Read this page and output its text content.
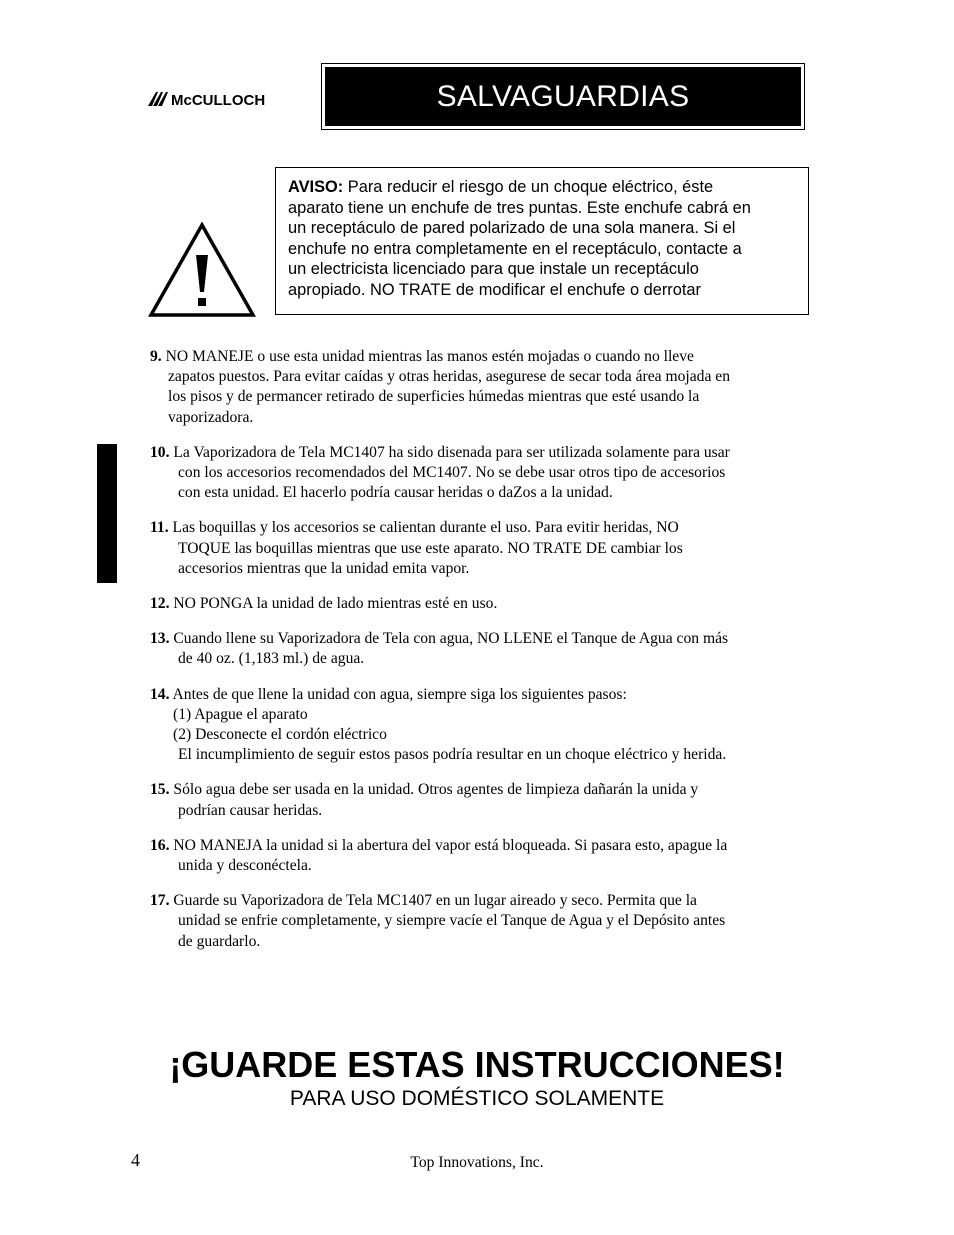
McCULLOCH	SALVAGUARDIAS IMPORTANTES
AVISO: Para reducir el riesgo de un choque eléctrico, éste
aparato tiene un enchufe de tres puntas. Este enchufe cabrá en
un receptáculo de pared polarizado de una sola manera. Si el
enchufe no entra completamente en el receptáculo, contacte a
un electricista licenciado para que instale un receptáculo
apropiado. NO TRATE de modificar el enchufe o derrotar
9. NO MANEJE o use esta unidad mientras las manos estén mojadas o cuando no lleve
zapatos puestos. Para evitar caídas y otras heridas, asegurese de secar toda área mojada en
los pisos y de permancer retirado de superficies húmedas mientras que esté usando la
vaporizadora.
10. La Vaporizadora de Tela MC1407 ha sido disenada para ser utilizada solamente para usar
con los accesorios recomendados del MC1407. No se debe usar otros tipo de accesorios
con esta unidad. El hacerlo podría causar heridas o daZos a la unidad.
11. Las boquillas y los accesorios se calientan durante el uso. Para evitir heridas, NO
TOQUE las boquillas mientras que use este aparato. NO TRATE DE cambiar los
accesorios mientras que la unidad emita vapor.
12. NO PONGA la unidad de lado mientras esté en uso.
13. Cuando llene su Vaporizadora de Tela con agua, NO LLENE el Tanque de Agua con más
de 40 oz. (1,183 ml.) de agua.
14. Antes de que llene la unidad con agua, siempre siga los siguientes pasos:
(1) Apague el aparato
(2) Desconecte el cordón eléctrico
El incumplimiento de seguir estos pasos podría resultar en un choque eléctrico y herida.
15. Sólo agua debe ser usada en la unidad. Otros agentes de limpieza dañarán la unida y
podrían causar heridas.
16. NO MANEJA la unidad si la abertura del vapor está bloqueada. Si pasara esto, apague la
unida y desconéctela.
17. Guarde su Vaporizadora de Tela MC1407 en un lugar aireado y seco. Permita que la
unidad se enfrie completamente, y siempre vacíe el Tanque de Agua y el Depósito antes
de guardarlo.
¡GUARDE ESTAS INSTRUCCIONES!
PARA USO DOMÉSTICO SOLAMENTE
4	Top Innovations, Inc.
